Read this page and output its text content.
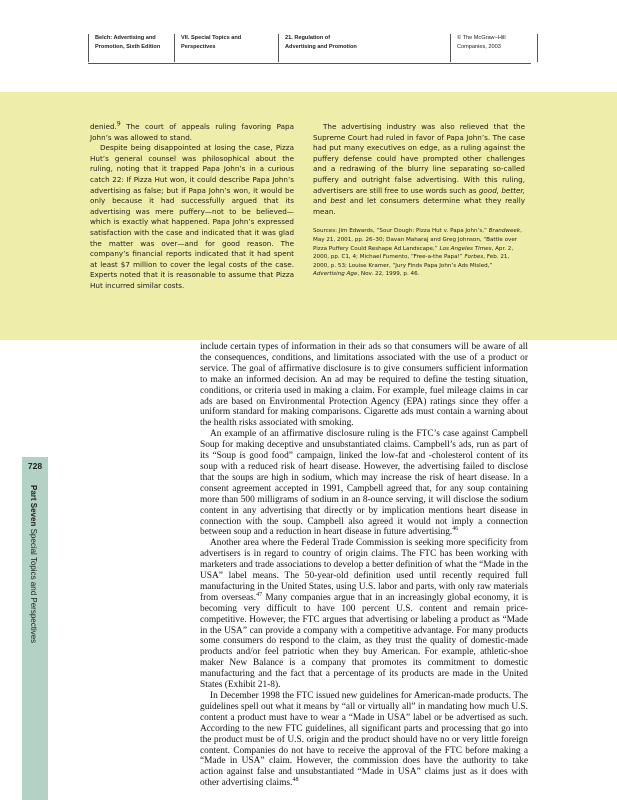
Belch: Advertising and
Promotion, Sixth Edition
VII. Special Topics and
Perspectives
21. Regulation of
Advertising and Promotion
© The McGraw−Hill
Companies, 2003

denied.$^9$ The court of appeals ruling favoring Papa John’s was allowed to stand.

Despite being disappointed at losing the case, Pizza Hut’s general counsel was philosophical about the ruling, noting that it trapped Papa John’s in a curious catch 22: If Pizza Hut won, it could describe Papa John’s advertising as false; but if Papa John’s won, it would be only because it had successfully argued that its advertising was mere puffery—not to be believed—which is exactly what happened. Papa John’s expressed satisfaction with the case and indicated that it was glad the matter was over—and for good reason. The company’s financial reports indicated that it had spent at least $7 million to cover the legal costs of the case. Experts noted that it is reasonable to assume that Pizza Hut incurred similar costs.

The advertising industry was also relieved that the Supreme Court had ruled in favor of Papa John’s. The case had put many executives on edge, as a ruling against the puffery defense could have prompted other challenges and a redrawing of the blurry line separating so-called puffery and outright false advertising. With this ruling, advertisers are still free to use words such as good, better, and best and let consumers determine what they really mean.

Sources: Jim Edwards, “Sour Dough: Pizza Hut v. Papa John’s,” Brandweek, May 21, 2001, pp. 26–30; Davan Maharaj and Greg Johnson, “Battle over Pizza Puffery Could Reshape Ad Landscape,” Los Angeles Times, Apr. 2, 2000, pp. C1, 4; Michael Fumento, “Free-a-the Papa!” Forbes, Feb. 21, 2000, p. 53; Louise Kramer, “Jury Finds Papa John’s Ads Misled,” Advertising Age, Nov. 22, 1999, p. 46.

include certain types of information in their ads so that consumers will be aware of all the consequences, conditions, and limitations associated with the use of a product or service. The goal of affirmative disclosure is to give consumers sufficient information to make an informed decision. An ad may be required to define the testing situation, conditions, or criteria used in making a claim. For example, fuel mileage claims in car ads are based on Environmental Protection Agency (EPA) ratings since they offer a uniform standard for making comparisons. Cigarette ads must contain a warning about the health risks associated with smoking.

An example of an affirmative disclosure ruling is the FTC’s case against Campbell Soup for making deceptive and unsubstantiated claims. Campbell’s ads, run as part of its “Soup is good food” campaign, linked the low-fat and -cholesterol content of its soup with a reduced risk of heart disease. However, the advertising failed to disclose that the soups are high in sodium, which may increase the risk of heart disease. In a consent agreement accepted in 1991, Campbell agreed that, for any soup containing more than 500 milligrams of sodium in an 8-ounce serving, it will disclose the sodium content in any advertising that directly or by implication mentions heart disease in connection with the soup. Campbell also agreed it would not imply a connection between soup and a reduction in heart disease in future advertising.$^{46}$

Another area where the Federal Trade Commission is seeking more specificity from advertisers is in regard to country of origin claims. The FTC has been working with marketers and trade associations to develop a better definition of what the “Made in the USA” label means. The 50-year-old definition used until recently required full manufacturing in the United States, using U.S. labor and parts, with only raw materials from overseas.$^{47}$ Many companies argue that in an increasingly global economy, it is becoming very difficult to have 100 percent U.S. content and remain price-competitive. However, the FTC argues that advertising or labeling a product as “Made in the USA” can provide a company with a competitive advantage. For many products some consumers do respond to the claim, as they trust the quality of domestic-made products and/or feel patriotic when they buy American. For example, athletic-shoe maker New Balance is a company that promotes its commitment to domestic manufacturing and the fact that a percentage of its products are made in the United States (Exhibit 21-8).

In December 1998 the FTC issued new guidelines for American-made products. The guidelines spell out what it means by “all or virtually all” in mandating how much U.S. content a product must have to wear a “Made in USA” label or be advertised as such. According to the new FTC guidelines, all significant parts and processing that go into the product must be of U.S. origin and the product should have no or very little foreign content. Companies do not have to receive the approval of the FTC before making a “Made in USA” claim. However, the commission does have the authority to take action against false and unsubstantiated “Made in USA” claims just as it does with other advertising claims.$^{48}$

728
Part Seven Special Topics and Perspectives
